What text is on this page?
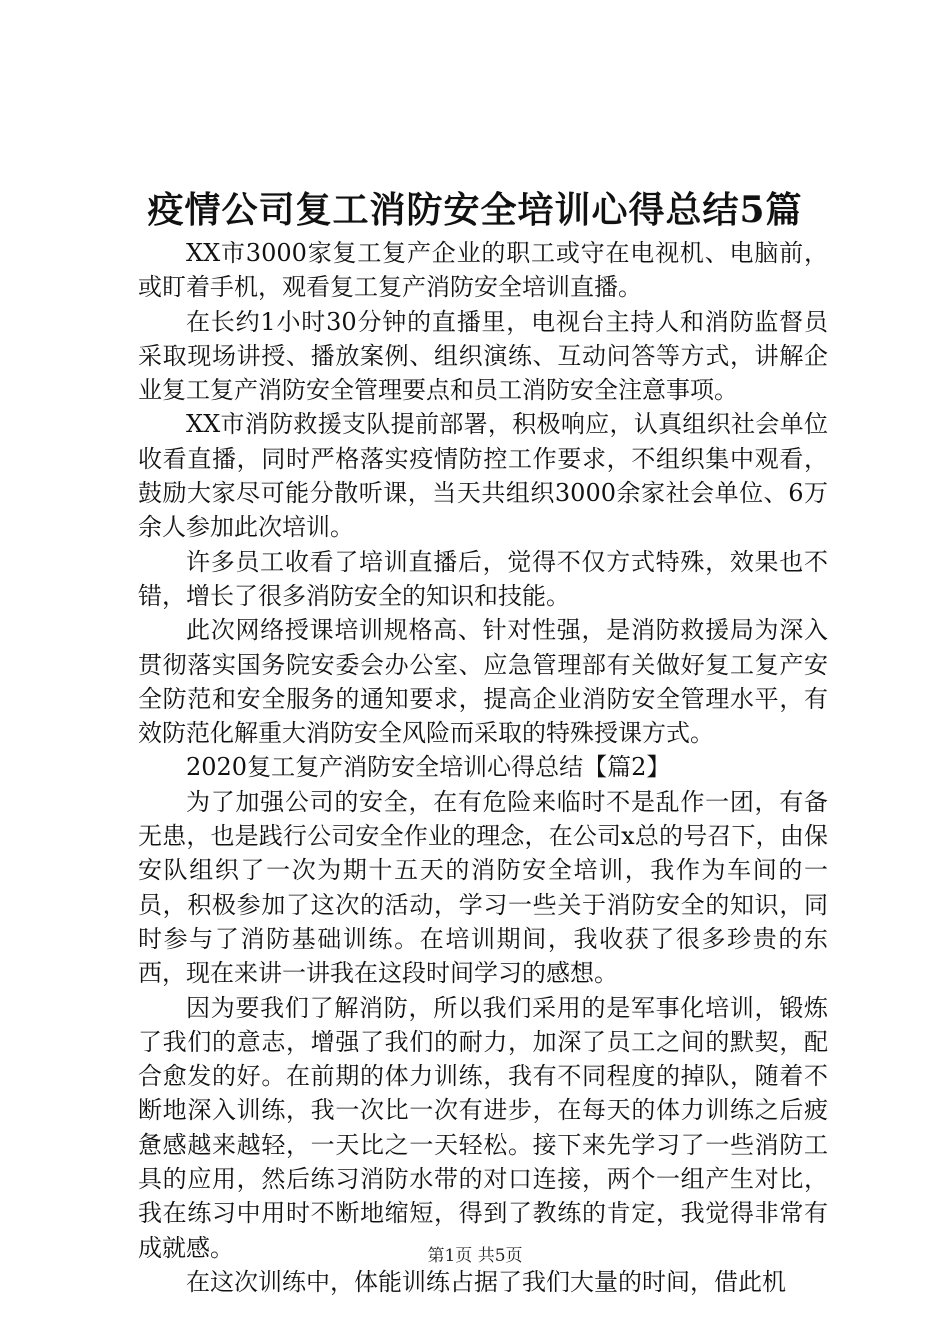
疫情公司复工消防安全培训心得总结5篇

XX市3000家复工复产企业的职工或守在电视机、电脑前，或盯着手机，观看复工复产消防安全培训直播。

在长约1小时30分钟的直播里，电视台主持人和消防监督员采取现场讲授、播放案例、组织演练、互动问答等方式，讲解企业复工复产消防安全管理要点和员工消防安全注意事项。

XX市消防救援支队提前部署，积极响应，认真组织社会单位收看直播，同时严格落实疫情防控工作要求，不组织集中观看，鼓励大家尽可能分散听课，当天共组织3000余家社会单位、6万余人参加此次培训。

许多员工收看了培训直播后，觉得不仅方式特殊，效果也不错，增长了很多消防安全的知识和技能。

此次网络授课培训规格高、针对性强，是消防救援局为深入贯彻落实国务院安委会办公室、应急管理部有关做好复工复产安全防范和安全服务的通知要求，提高企业消防安全管理水平，有效防范化解重大消防安全风险而采取的特殊授课方式。

2020复工复产消防安全培训心得总结【篇2】

为了加强公司的安全，在有危险来临时不是乱作一团，有备无患，也是践行公司安全作业的理念，在公司x总的号召下，由保安队组织了一次为期十五天的消防安全培训，我作为车间的一员，积极参加了这次的活动，学习一些关于消防安全的知识，同时参与了消防基础训练。在培训期间，我收获了很多珍贵的东西，现在来讲一讲我在这段时间学习的感想。

因为要我们了解消防，所以我们采用的是军事化培训，锻炼了我们的意志，增强了我们的耐力，加深了员工之间的默契，配合愈发的好。在前期的体力训练，我有不同程度的掉队，随着不断地深入训练，我一次比一次有进步，在每天的体力训练之后疲惫感越来越轻，一天比之一天轻松。接下来先学习了一些消防工具的应用，然后练习消防水带的对口连接，两个一组产生对比，我在练习中用时不断地缩短，得到了教练的肯定，我觉得非常有成就感。

在这次训练中，体能训练占据了我们大量的时间，借此机

第1页 共5页
